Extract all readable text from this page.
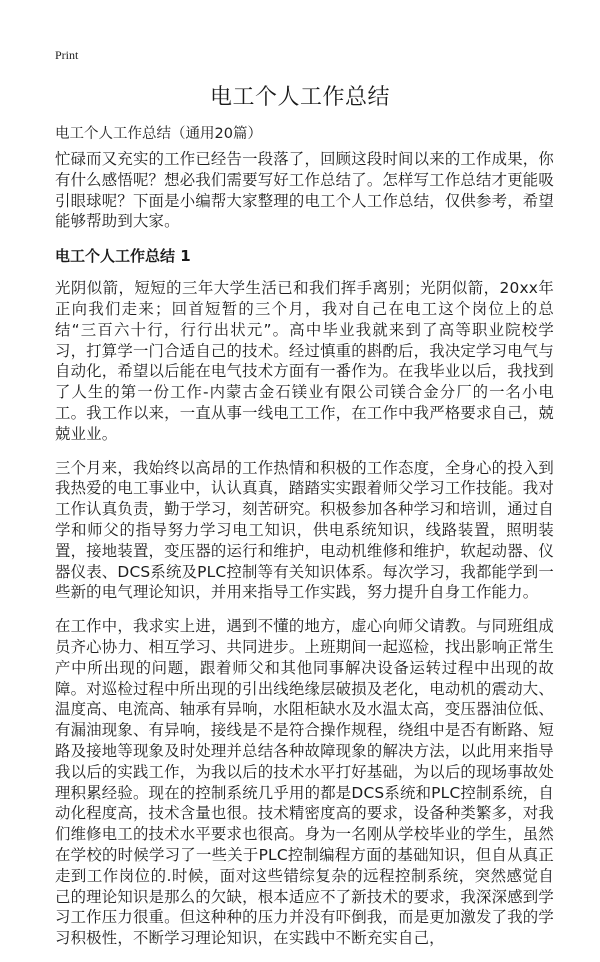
Print
电工个人工作总结
电工个人工作总结（通用20篇）

忙碌而又充实的工作已经告一段落了，回顾这段时间以来的工作成果，你有什么感悟呢？想必我们需要写好工作总结了。怎样写工作总结才更能吸引眼球呢？下面是小编帮大家整理的电工个人工作总结，仅供参考，希望能够帮助到大家。

电工个人工作总结 1

光阴似箭，短短的三年大学生活已和我们挥手离别；光阴似箭，20xx年正向我们走来；回首短暂的三个月，我对自己在电工这个岗位上的总结“三百六十行，行行出状元”。高中毕业我就来到了高等职业院校学习，打算学一门合适自己的技术。经过慎重的斟酌后，我决定学习电气与自动化，希望以后能在电气技术方面有一番作为。在我毕业以后，我找到了人生的第一份工作-内蒙古金石镁业有限公司镁合金分厂的一名小电工。我工作以来，一直从事一线电工工作，在工作中我严格要求自己，兢兢业业。

三个月来，我始终以高昂的工作热情和积极的工作态度，全身心的投入到我热爱的电工事业中，认认真真，踏踏实实跟着师父学习工作技能。我对工作认真负责，勤于学习，刻苦研究。积极参加各种学习和培训，通过自学和师父的指导努力学习电工知识，供电系统知识，线路装置，照明装置，接地装置，变压器的运行和维护，电动机维修和维护，软起动器、仪器仪表、DCS系统及PLC控制等有关知识体系。每次学习，我都能学到一些新的电气理论知识，并用来指导工作实践，努力提升自身工作能力。

在工作中，我求实上进，遇到不懂的地方，虚心向师父请教。与同班组成员齐心协力、相互学习、共同进步。上班期间一起巡检，找出影响正常生产中所出现的问题，跟着师父和其他同事解决设备运转过程中出现的故障。对巡检过程中所出现的引出线绝缘层破损及老化，电动机的震动大、温度高、电流高、轴承有异响，水阻柜缺水及水温太高，变压器油位低、有漏油现象、有异响，接线是不是符合操作规程，绕组中是否有断路、短路及接地等现象及时处理并总结各种故障现象的解决方法，以此用来指导我以后的实践工作，为我以后的技术水平打好基础，为以后的现场事故处理积累经验。现在的控制系统几乎用的都是DCS系统和PLC控制系统，自动化程度高，技术含量也很。技术精密度高的要求，设备种类繁多，对我们维修电工的技术水平要求也很高。身为一名刚从学校毕业的学生，虽然在学校的时候学习了一些关于PLC控制编程方面的基础知识，但自从真正走到工作岗位的.时候，面对这些错综复杂的远程控制系统，突然感觉自己的理论知识是那么的欠缺，根本适应不了新技术的要求，我深深感到学习工作压力很重。但这种种的压力并没有吓倒我，而是更加激发了我的学习积极性，不断学习理论知识，在实践中不断充实自己，
